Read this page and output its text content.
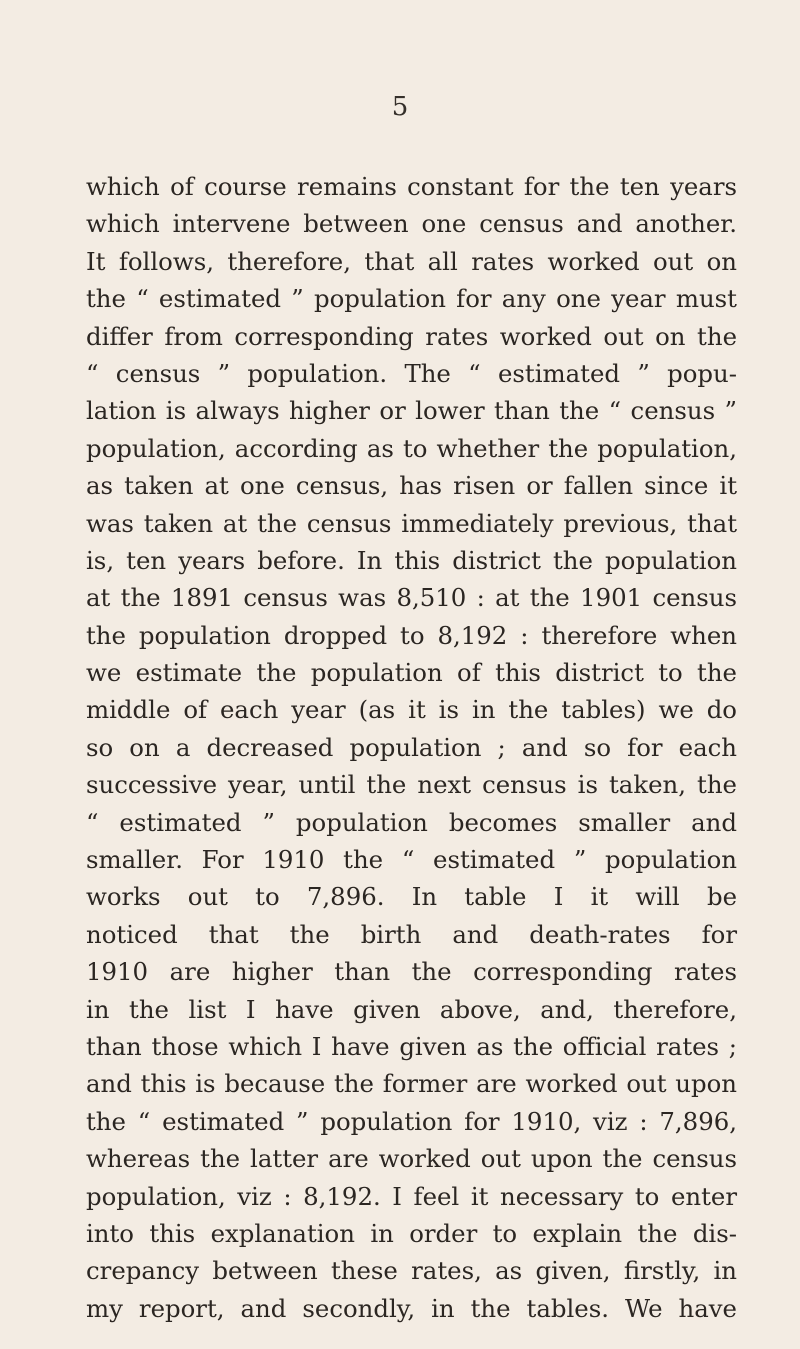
5
which of course remains constant for the ten years
which intervene between one census and another.
It follows, therefore, that all rates worked out on
the “ estimated ” population for any one year must
differ from corresponding rates worked out on the
“ census ” population. The “ estimated ” popu-
lation is always higher or lower than the “ census ”
population, according as to whether the population,
as taken at one census, has risen or fallen since it
was taken at the census immediately previous, that
is, ten years before. In this district the population
at the 1891 census was 8,510 : at the 1901 census
the population dropped to 8,192 : therefore when
we estimate the population of this district to the
middle of each year (as it is in the tables) we do
so on a decreased population ; and so for each
successive year, until the next census is taken, the
“ estimated ” population becomes smaller and
smaller. For 1910 the “ estimated ” population
works out to 7,896. In table I it will be
noticed that the birth and death-rates for
1910 are higher than the corresponding rates
in the list I have given above, and, therefore,
than those which I have given as the official rates ;
and this is because the former are worked out upon
the “ estimated ” population for 1910, viz : 7,896,
whereas the latter are worked out upon the census
population, viz : 8,192. I feel it necessary to enter
into this explanation in order to explain the dis-
crepancy between these rates, as given, firstly, in
my report, and secondly, in the tables. We have
